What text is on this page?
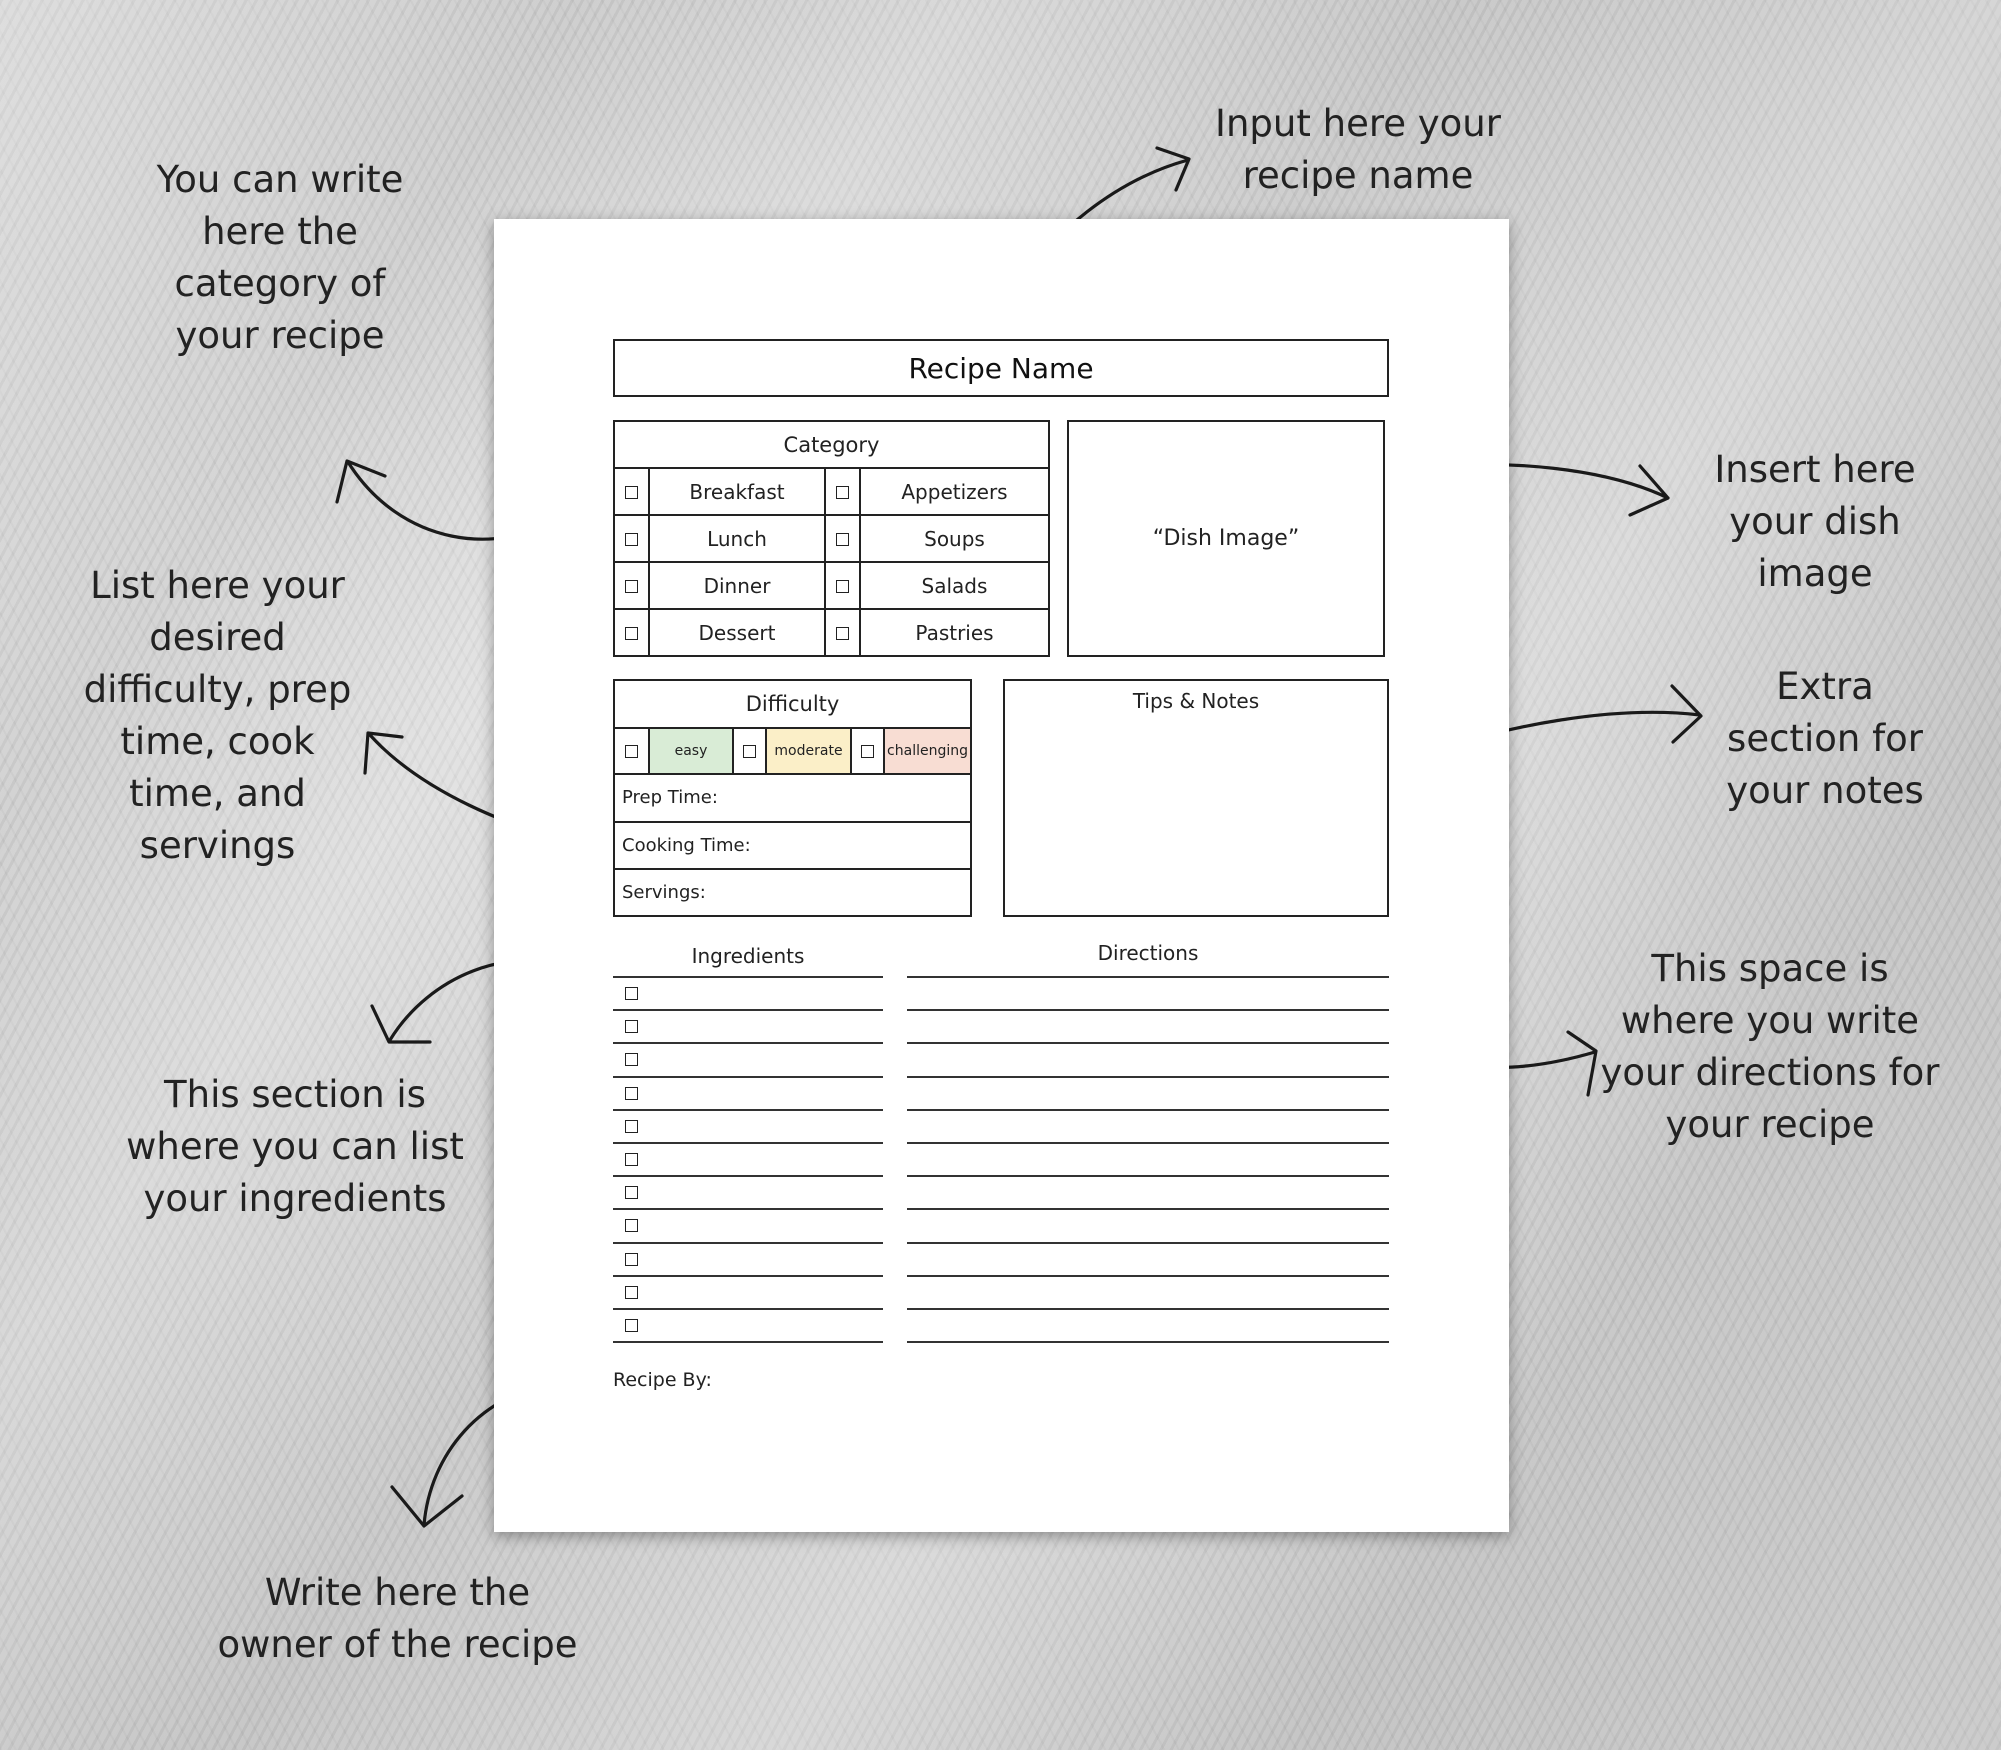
Input here your
recipe name
You can write
here the
category of
your recipe
Insert here
your dish
image
List here your
desired
difficulty, prep
time, cook
time, and
servings
Extra
section for
your notes
This section is
where you can list
your ingredients
This space is
where you write
your directions for
your recipe
Write here the
owner of the recipe
Recipe Name
Category			
	Breakfast		Appetizers
	Lunch		Soups
	Dinner		Salads
	Dessert		Pastries
“Dish Image”
Difficulty
	easy		moderate		challenging
Prep Time:
Cooking Time:
Servings:
Tips & Notes
Ingredients	Directions
Recipe By:
